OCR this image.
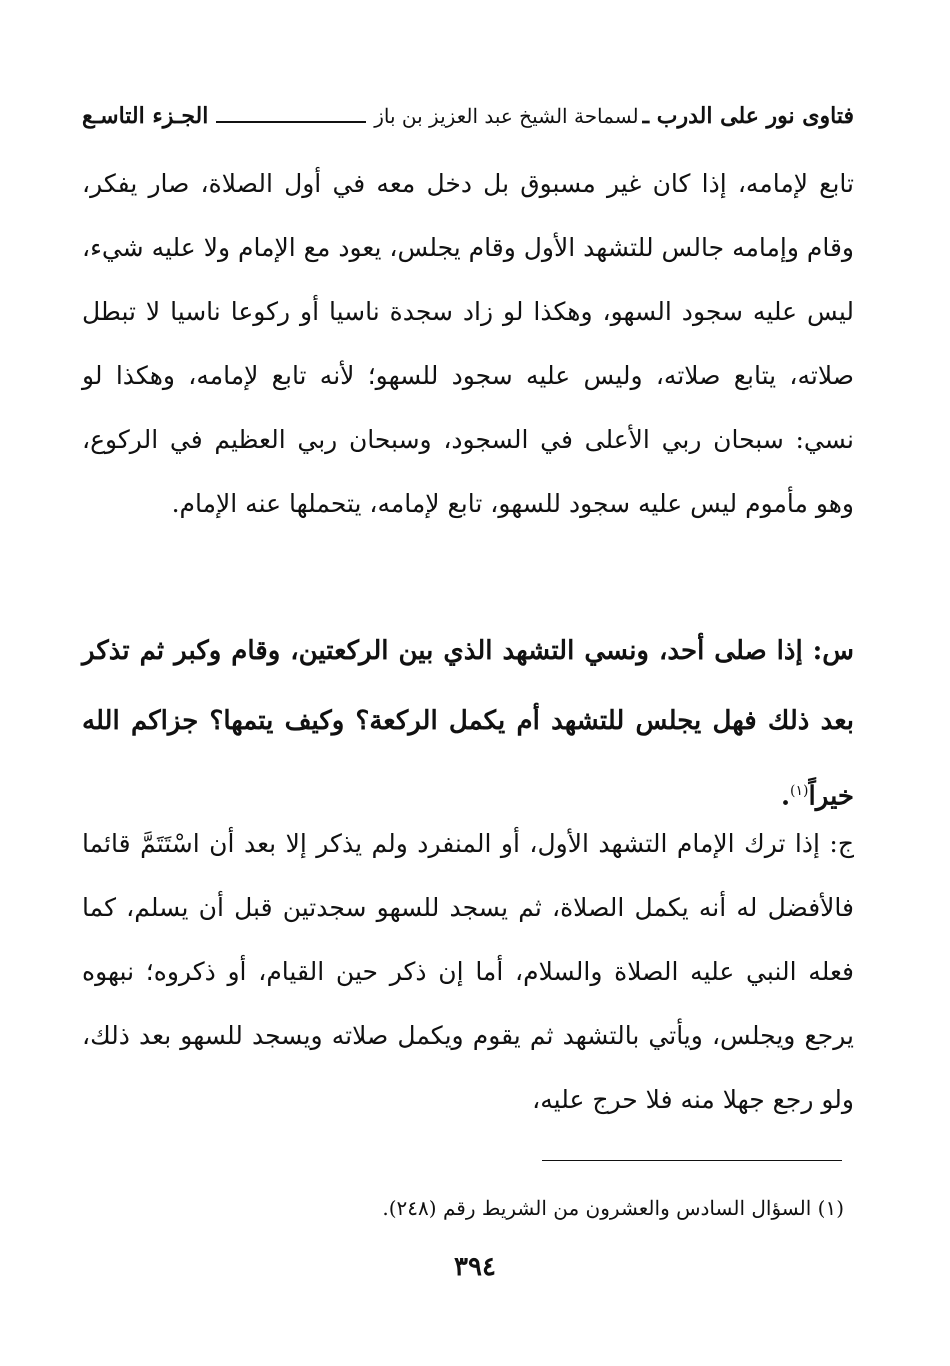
فتاوى نور على الدرب ـ
لسماحة الشيخ عبد العزيز بن باز
الجـزء التاسـع

تابع لإمامه، إذا كان غير مسبوق بل دخل معه في أول الصلاة، صار يفكر، وقام وإمامه جالس للتشهد الأول وقام يجلس، يعود مع الإمام ولا عليه شيء، ليس عليه سجود السهو، وهكذا لو زاد سجدة ناسيا أو ركوعا ناسيا لا تبطل صلاته، يتابع صلاته، وليس عليه سجود للسهو؛ لأنه تابع لإمامه، وهكذا لو نسي: سبحان ربي الأعلى في السجود، وسبحان ربي العظيم في الركوع، وهو مأموم ليس عليه سجود للسهو، تابع لإمامه، يتحملها عنه الإمام.

س: إذا صلى أحد، ونسي التشهد الذي بين الركعتين، وقام وكبر ثم تذكر بعد ذلك فهل يجلس للتشهد أم يكمل الركعة؟ وكيف يتمها؟ جزاكم الله خيراً$^{(١)}$.

ج: إذا ترك الإمام التشهد الأول، أو المنفرد ولم يذكر إلا بعد أن اسْتَتَمَّ قائما فالأفضل له أنه يكمل الصلاة، ثم يسجد للسهو سجدتين قبل أن يسلم، كما فعله النبي عليه الصلاة والسلام، أما إن ذكر حين القيام، أو ذكروه؛ نبهوه يرجع ويجلس، ويأتي بالتشهد ثم يقوم ويكمل صلاته ويسجد للسهو بعد ذلك، ولو رجع جهلا منه فلا حرج عليه،

(١) السؤال السادس والعشرون من الشريط رقم (٢٤٨).

٣٩٤
